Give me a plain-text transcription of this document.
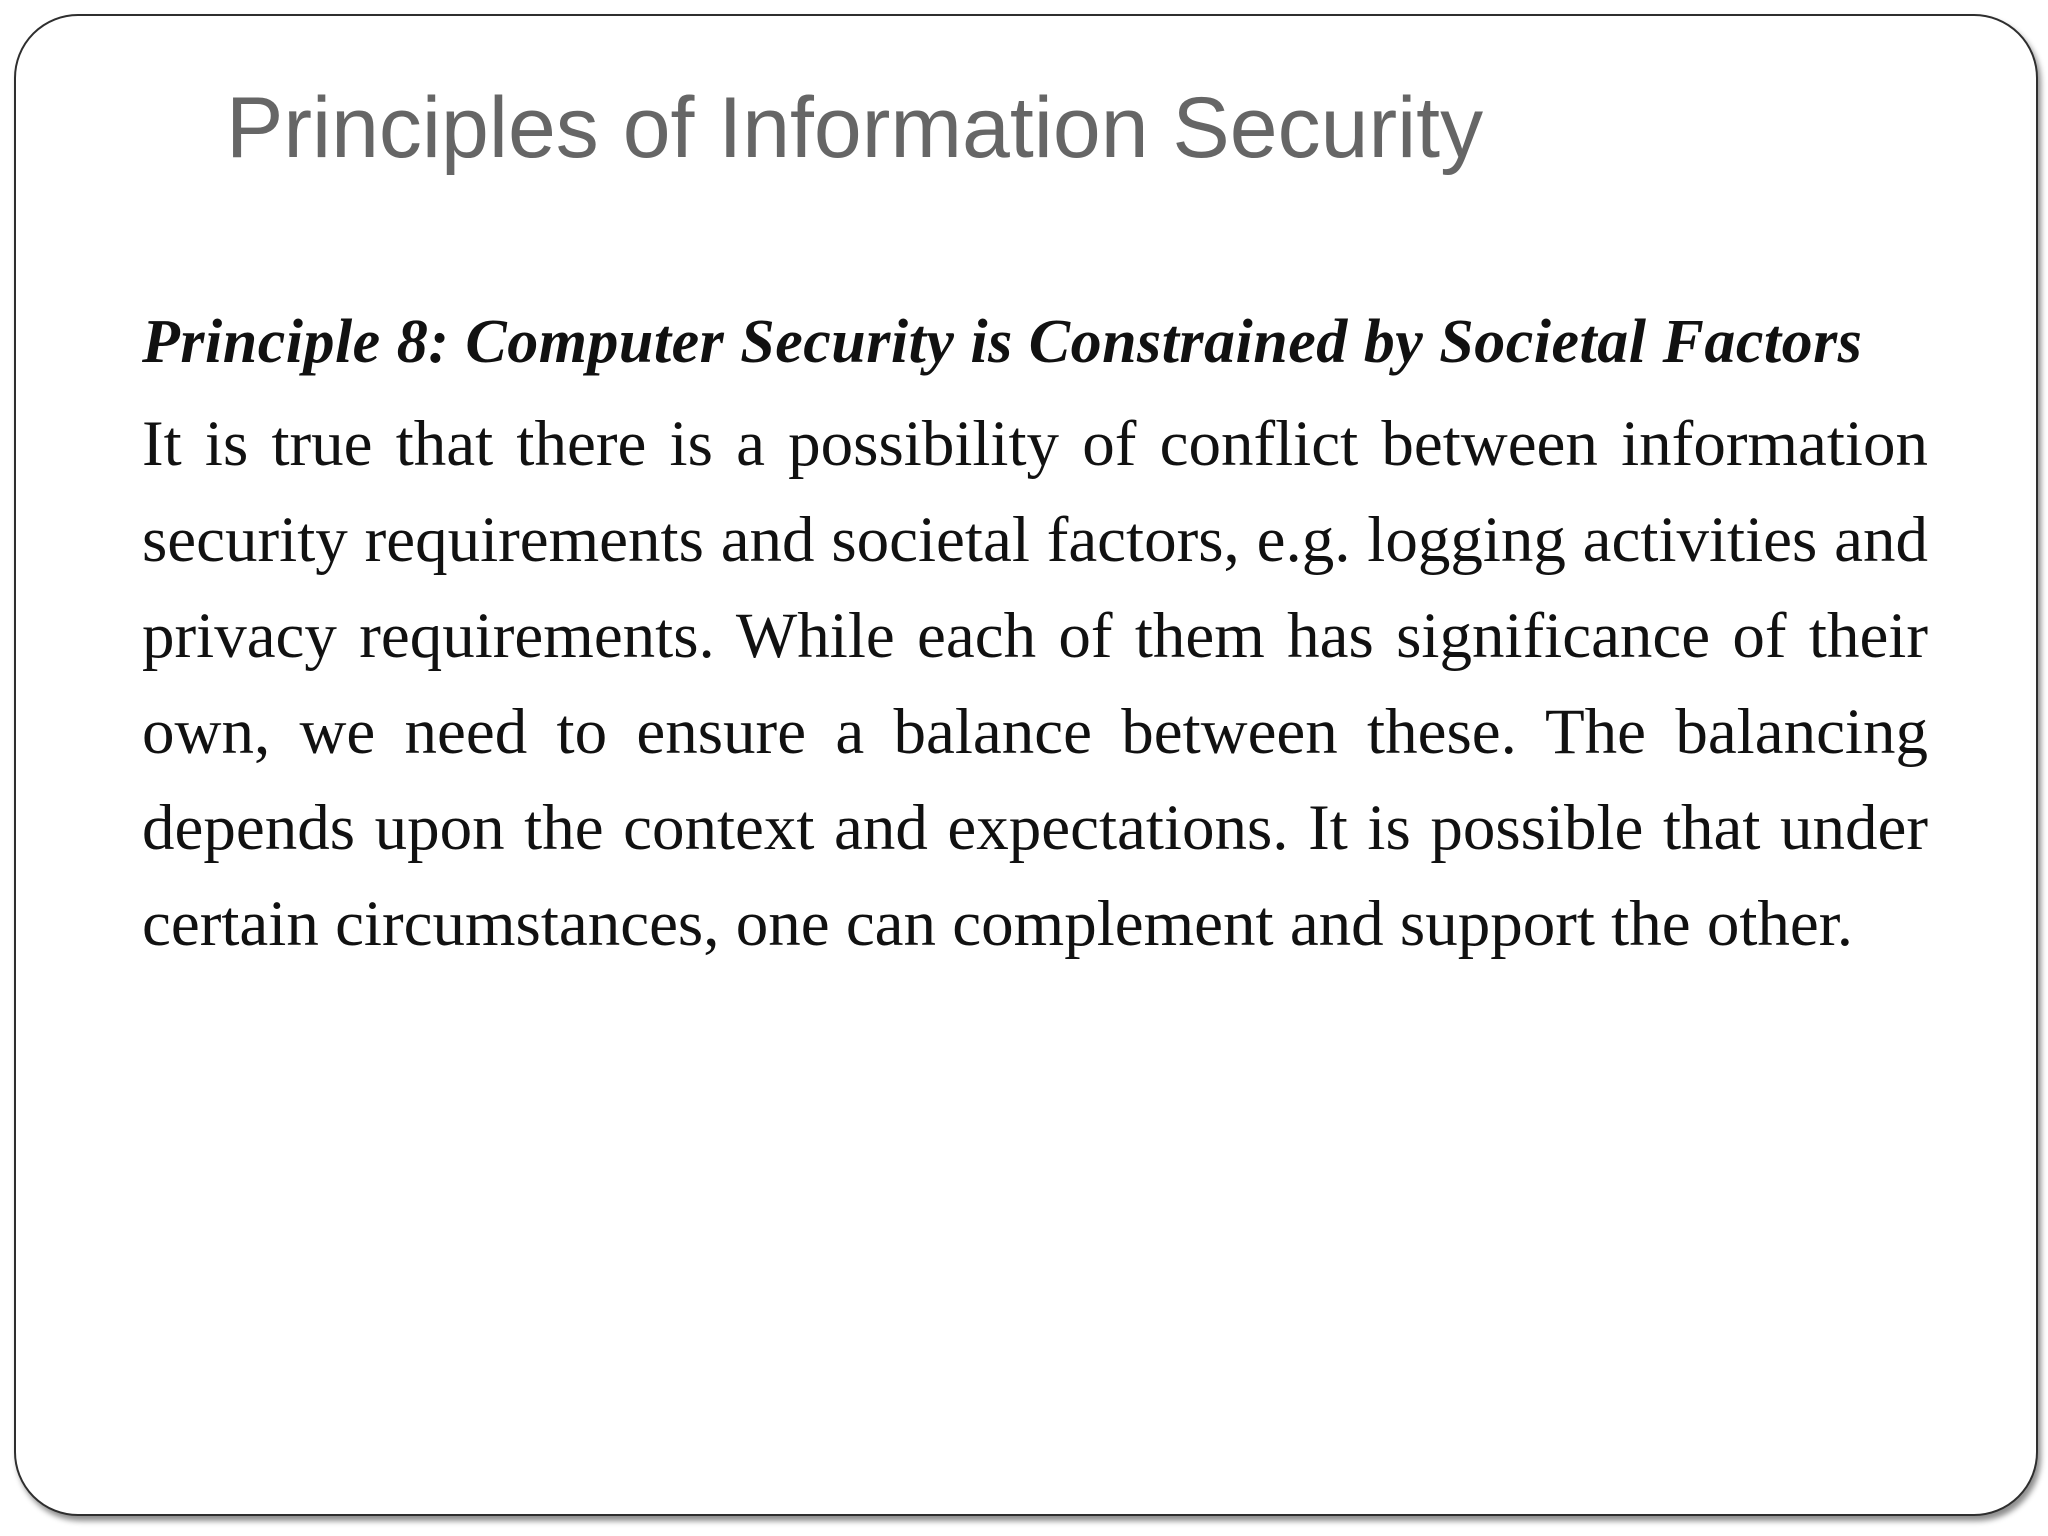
Principles of Information Security

Principle 8: Computer Security is Constrained by Societal Factors

It is true that there is a possibility of conflict between information security requirements and societal factors, e.g. logging activities and privacy requirements. While each of them has significance of their own, we need to ensure a balance between these. The balancing depends upon the context and expectations. It is possible that under certain circumstances, one can complement and support the other.
